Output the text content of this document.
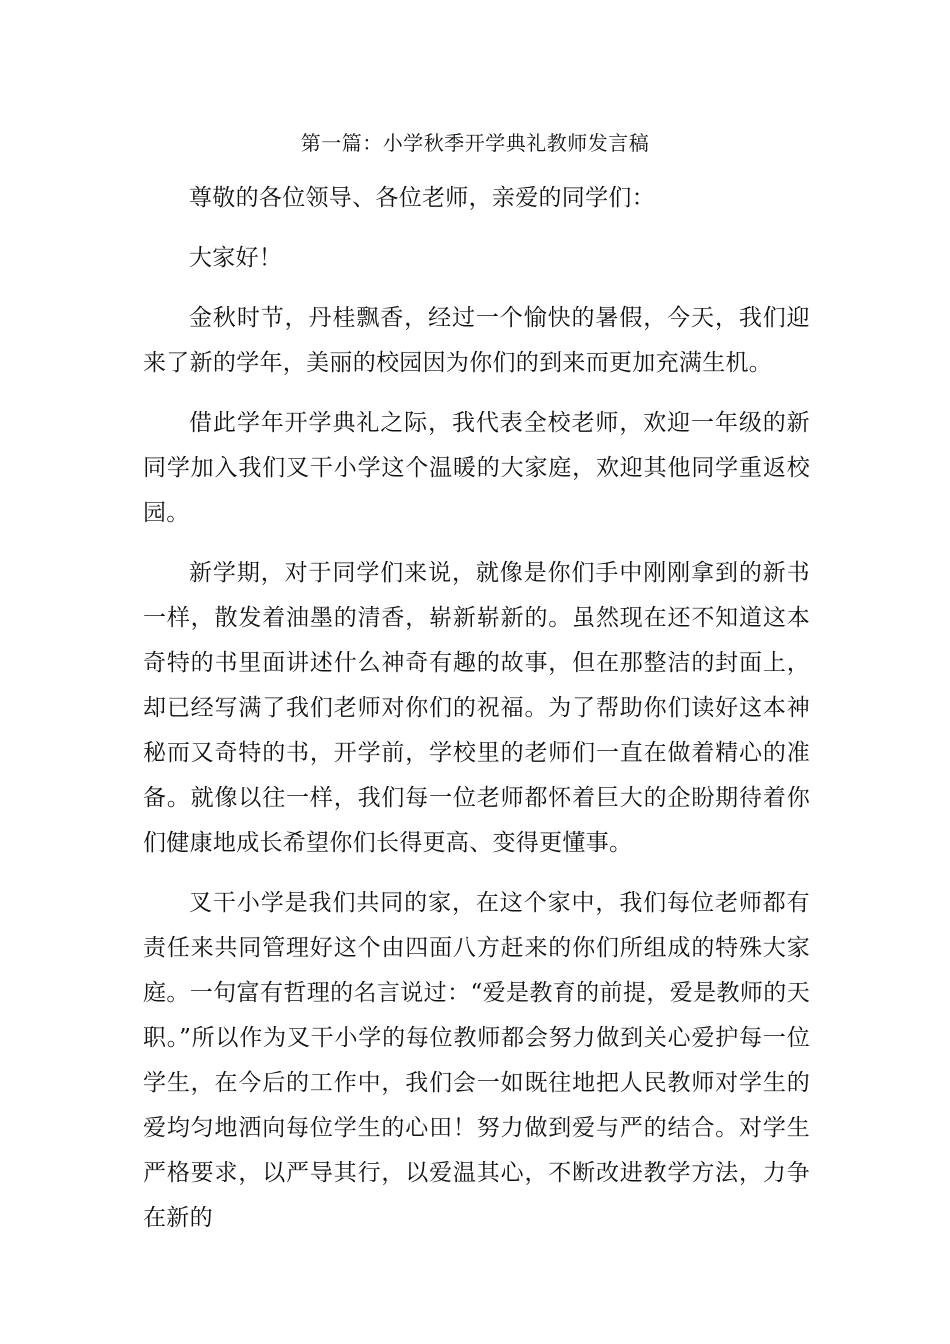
第一篇：小学秋季开学典礼教师发言稿

尊敬的各位领导、各位老师，亲爱的同学们：

大家好！

金秋时节，丹桂飘香，经过一个愉快的暑假，今天，我们迎来了新的学年，美丽的校园因为你们的到来而更加充满生机。

借此学年开学典礼之际，我代表全校老师，欢迎一年级的新同学加入我们叉干小学这个温暖的大家庭，欢迎其他同学重返校园。

新学期，对于同学们来说，就像是你们手中刚刚拿到的新书一样，散发着油墨的清香，崭新崭新的。虽然现在还不知道这本奇特的书里面讲述什么神奇有趣的故事，但在那整洁的封面上，却已经写满了我们老师对你们的祝福。为了帮助你们读好这本神秘而又奇特的书，开学前，学校里的老师们一直在做着精心的准备。就像以往一样，我们每一位老师都怀着巨大的企盼期待着你们健康地成长希望你们长得更高、变得更懂事。

叉干小学是我们共同的家，在这个家中，我们每位老师都有责任来共同管理好这个由四面八方赶来的你们所组成的特殊大家庭。一句富有哲理的名言说过：“爱是教育的前提，爱是教师的天职。”所以作为叉干小学的每位教师都会努力做到关心爱护每一位学生，在今后的工作中，我们会一如既往地把人民教师对学生的爱均匀地洒向每位学生的心田！努力做到爱与严的结合。对学生严格要求，以严导其行，以爱温其心，不断改进教学方法，力争在新的
